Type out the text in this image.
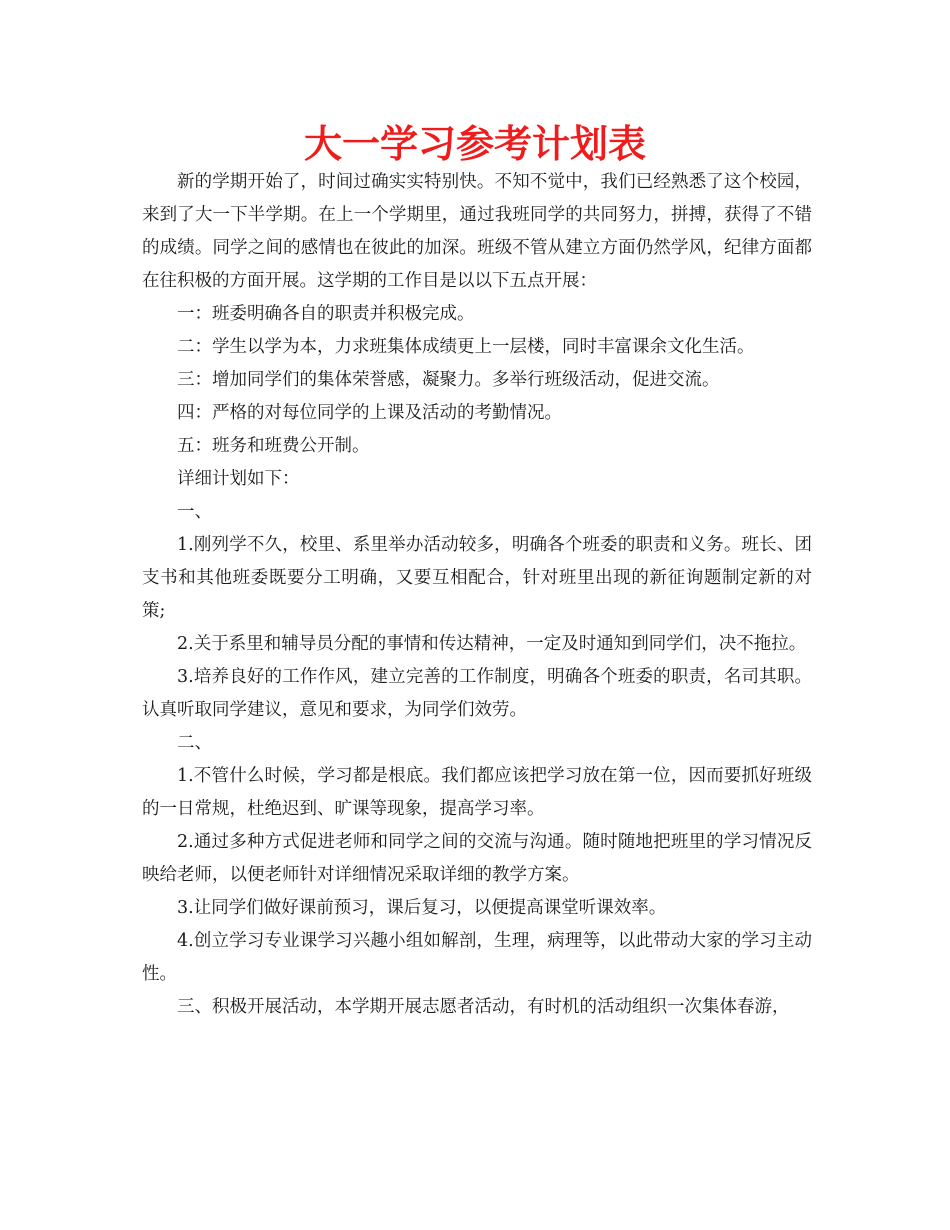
大一学习参考计划表

新的学期开始了，时间过确实实特别快。不知不觉中，我们已经熟悉了这个校园，来到了大一下半学期。在上一个学期里，通过我班同学的共同努力，拼搏，获得了不错的成绩。同学之间的感情也在彼此的加深。班级不管从建立方面仍然学风，纪律方面都在往积极的方面开展。这学期的工作目是以以下五点开展：

一：班委明确各自的职责并积极完成。

二：学生以学为本，力求班集体成绩更上一层楼，同时丰富课余文化生活。

三：增加同学们的集体荣誉感，凝聚力。多举行班级活动，促进交流。

四：严格的对每位同学的上课及活动的考勤情况。

五：班务和班费公开制。

详细计划如下：

一、

1.刚列学不久，校里、系里举办活动较多，明确各个班委的职责和义务。班长、团支书和其他班委既要分工明确，又要互相配合，针对班里出现的新征询题制定新的对策;

2.关于系里和辅导员分配的事情和传达精神，一定及时通知到同学们，决不拖拉。

3.培养良好的工作作风，建立完善的工作制度，明确各个班委的职责，名司其职。认真听取同学建议，意见和要求，为同学们效劳。

二、

1.不管什么时候，学习都是根底。我们都应该把学习放在第一位，因而要抓好班级的一日常规，杜绝迟到、旷课等现象，提高学习率。

2.通过多种方式促进老师和同学之间的交流与沟通。随时随地把班里的学习情况反映给老师，以便老师针对详细情况采取详细的教学方案。

3.让同学们做好课前预习，课后复习，以便提高课堂听课效率。

4.创立学习专业课学习兴趣小组如解剖，生理，病理等，以此带动大家的学习主动性。

三、积极开展活动，本学期开展志愿者活动，有时机的活动组织一次集体春游，
